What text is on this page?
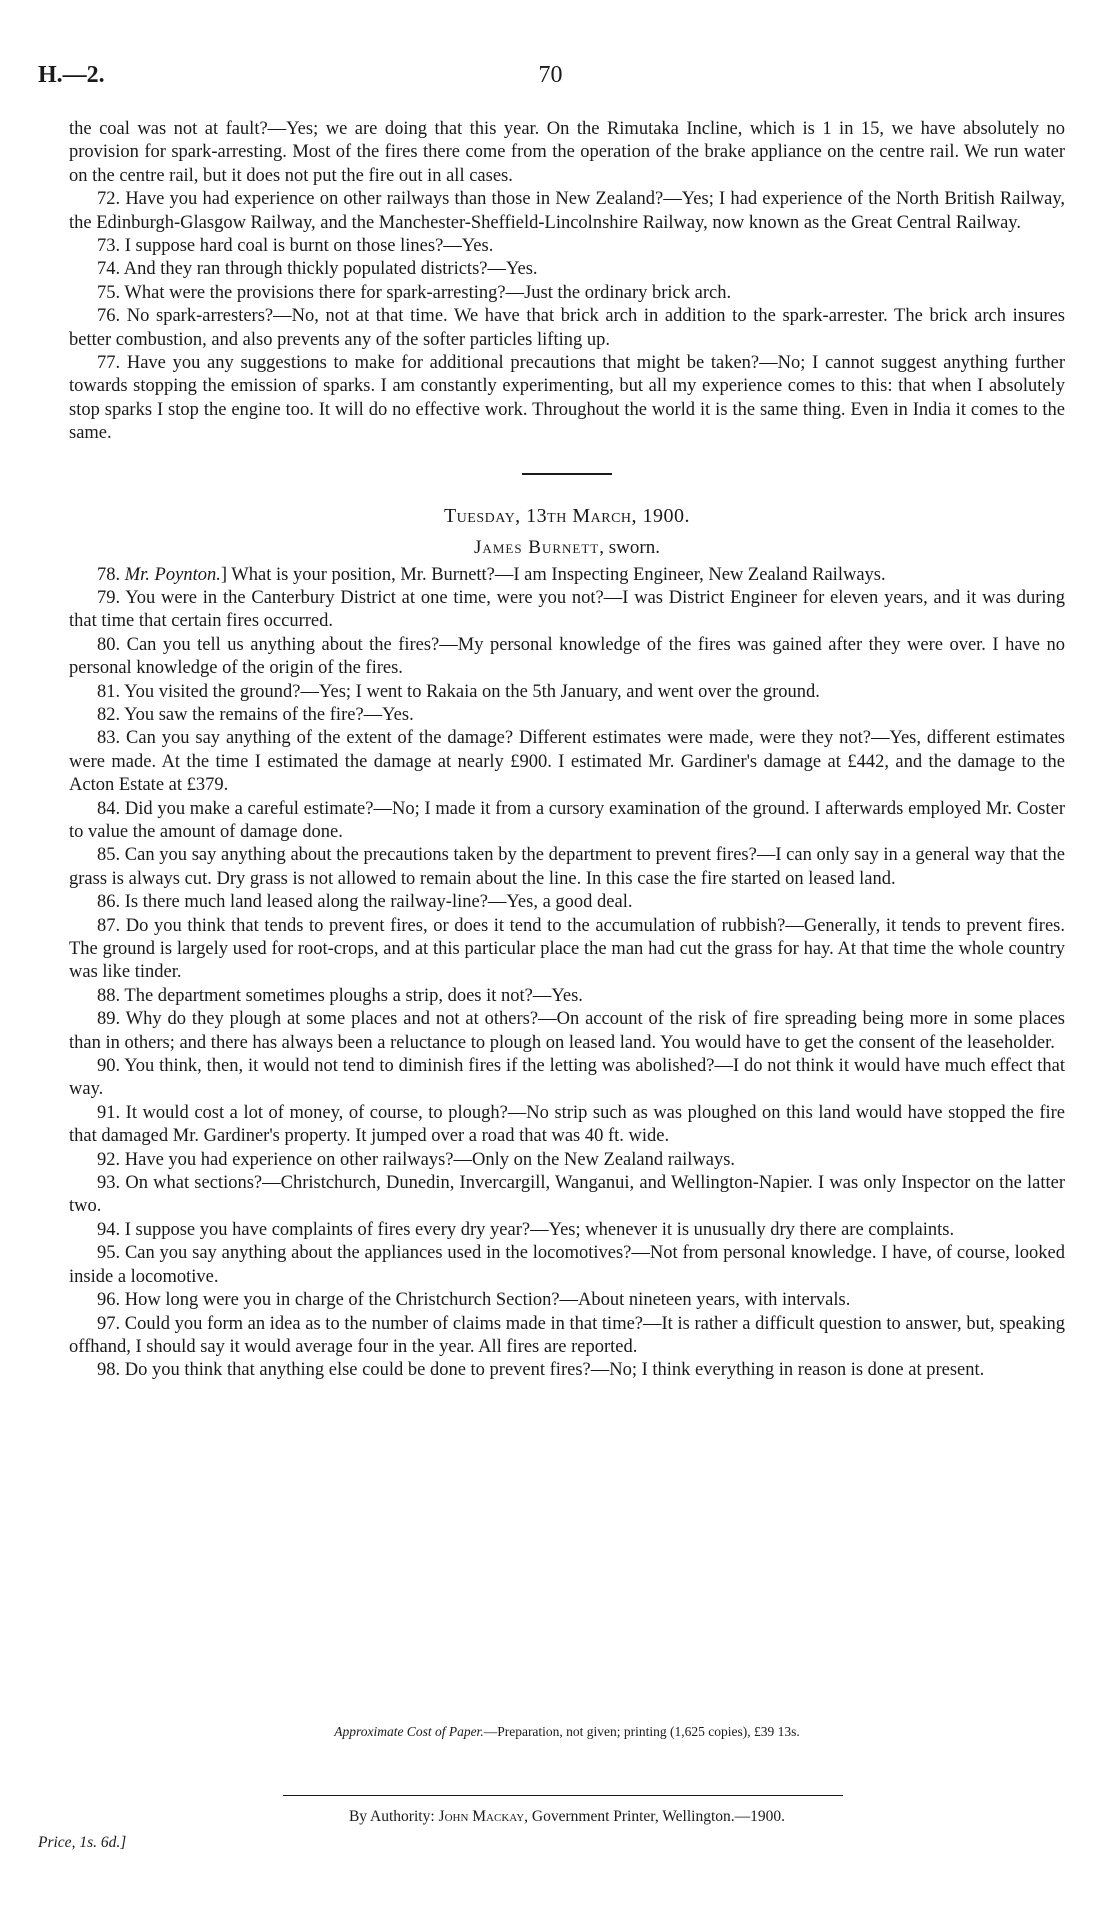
H.—2.	70

the coal was not at fault?—Yes; we are doing that this year. On the Rimutaka Incline, which is 1 in 15, we have absolutely no provision for spark-arresting. Most of the fires there come from the operation of the brake appliance on the centre rail. We run water on the centre rail, but it does not put the fire out in all cases.

72. Have you had experience on other railways than those in New Zealand?—Yes; I had experience of the North British Railway, the Edinburgh-Glasgow Railway, and the Manchester-Sheffield-Lincolnshire Railway, now known as the Great Central Railway.

73. I suppose hard coal is burnt on those lines?—Yes.

74. And they ran through thickly populated districts?—Yes.

75. What were the provisions there for spark-arresting?—Just the ordinary brick arch.

76. No spark-arresters?—No, not at that time. We have that brick arch in addition to the spark-arrester. The brick arch insures better combustion, and also prevents any of the softer particles lifting up.

77. Have you any suggestions to make for additional precautions that might be taken?—No; I cannot suggest anything further towards stopping the emission of sparks. I am constantly experimenting, but all my experience comes to this: that when I absolutely stop sparks I stop the engine too. It will do no effective work. Throughout the world it is the same thing. Even in India it comes to the same.

Tuesday, 13th March, 1900.
James Burnett, sworn.

78. Mr. Poynton.] What is your position, Mr. Burnett?—I am Inspecting Engineer, New Zealand Railways.

79. You were in the Canterbury District at one time, were you not?—I was District Engineer for eleven years, and it was during that time that certain fires occurred.

80. Can you tell us anything about the fires?—My personal knowledge of the fires was gained after they were over. I have no personal knowledge of the origin of the fires.

81. You visited the ground?—Yes; I went to Rakaia on the 5th January, and went over the ground.

82. You saw the remains of the fire?—Yes.

83. Can you say anything of the extent of the damage? Different estimates were made, were they not?—Yes, different estimates were made. At the time I estimated the damage at nearly £900. I estimated Mr. Gardiner's damage at £442, and the damage to the Acton Estate at £379.

84. Did you make a careful estimate?—No; I made it from a cursory examination of the ground. I afterwards employed Mr. Coster to value the amount of damage done.

85. Can you say anything about the precautions taken by the department to prevent fires?—I can only say in a general way that the grass is always cut. Dry grass is not allowed to remain about the line. In this case the fire started on leased land.

86. Is there much land leased along the railway-line?—Yes, a good deal.

87. Do you think that tends to prevent fires, or does it tend to the accumulation of rubbish?—Generally, it tends to prevent fires. The ground is largely used for root-crops, and at this particular place the man had cut the grass for hay. At that time the whole country was like tinder.

88. The department sometimes ploughs a strip, does it not?—Yes.

89. Why do they plough at some places and not at others?—On account of the risk of fire spreading being more in some places than in others; and there has always been a reluctance to plough on leased land. You would have to get the consent of the leaseholder.

90. You think, then, it would not tend to diminish fires if the letting was abolished?—I do not think it would have much effect that way.

91. It would cost a lot of money, of course, to plough?—No strip such as was ploughed on this land would have stopped the fire that damaged Mr. Gardiner's property. It jumped over a road that was 40 ft. wide.

92. Have you had experience on other railways?—Only on the New Zealand railways.

93. On what sections?—Christchurch, Dunedin, Invercargill, Wanganui, and Wellington-Napier. I was only Inspector on the latter two.

94. I suppose you have complaints of fires every dry year?—Yes; whenever it is unusually dry there are complaints.

95. Can you say anything about the appliances used in the locomotives?—Not from personal knowledge. I have, of course, looked inside a locomotive.

96. How long were you in charge of the Christchurch Section?—About nineteen years, with intervals.

97. Could you form an idea as to the number of claims made in that time?—It is rather a difficult question to answer, but, speaking offhand, I should say it would average four in the year. All fires are reported.

98. Do you think that anything else could be done to prevent fires?—No; I think everything in reason is done at present.

Approximate Cost of Paper.—Preparation, not given; printing (1,625 copies), £39 13s.
By Authority: John Mackay, Government Printer, Wellington.—1900.
Price, 1s. 6d.]
